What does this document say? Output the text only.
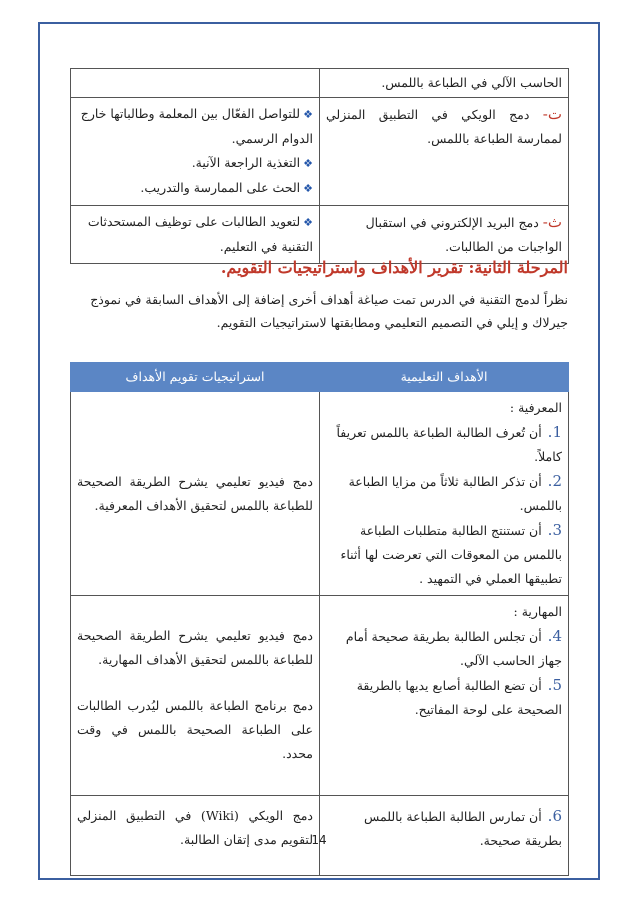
الحاسب الآلي في الطباعة باللمس.	
ت- دمج الويكي في التطبيق المنزلي لممارسة الطباعة باللمس.	❖للتواصل الفعّال بين المعلمة وطالباتها خارج الدوام الرسمي.
❖التغذية الراجعة الآنية.
❖الحث على الممارسة والتدريب.

ث- دمج البريد الإلكتروني في استقبال الواجبات من الطالبات.	❖لتعويد الطالبات على توظيف المستحدثات التقنية في التعليم.
المرحلة الثانية: تقرير الأهداف واستراتيجيات التقويم.
نظراً لدمج التقنية في الدرس تمت صياغة أهداف أخرى إضافة إلى الأهداف السابقة في نموذج جيرلاك و إيلي في التصميم التعليمي ومطابقتها لاستراتيجيات التقويم.
الأهداف التعليمية	استراتيجيات تقويم الأهداف

المعرفية :
1. أن تُعرف الطالبة الطباعة باللمس تعريفاً كاملاً.
2. أن تذكر الطالبة ثلاثاً من مزايا الطباعة باللمس.
3. أن تستنتج الطالبة متطلبات الطباعة باللمس من المعوقات التي تعرضت لها أثناء تطبيقها العملي في التمهيد .	دمج فيديو تعليمي يشرح الطريقة الصحيحة للطباعة باللمس لتحقيق الأهداف المعرفية.

المهارية :
4. أن تجلس الطالبة بطريقة صحيحة أمام جهاز الحاسب الآلي.
5. أن تضع الطالبة أصابع يديها بالطريقة الصحيحة على لوحة المفاتيح.	دمج فيديو تعليمي يشرح الطريقة الصحيحة للطباعة باللمس لتحقيق الأهداف المهارية.
دمج برنامج الطباعة باللمس ليُدرب الطالبات على الطباعة الصحيحة باللمس في وقت محدد.

6. أن تمارس الطالبة الطباعة باللمس بطريقة صحيحة.	دمج الويكي (Wiki) في التطبيق المنزلي لتقويم مدى إتقان الطالبة.
14
